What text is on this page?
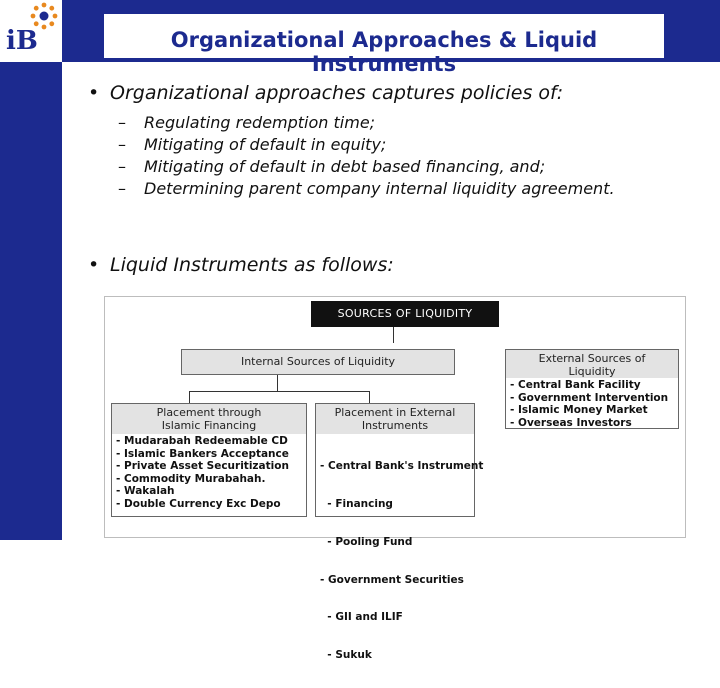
iB	Organizational Approaches & Liquid Instruments
• Organizational approaches captures policies of:
– Regulating redemption time;
– Mitigating of default in equity;
– Mitigating of default in debt based financing, and;
– Determining parent company internal liquidity agreement.
• Liquid Instruments as follows:
SOURCES OF LIQUIDITY
Internal Sources of Liquidity	External Sources of Liquidity
- Central Bank Facility
- Government Intervention
- Islamic Money Market
- Overseas Investors
Placement through Islamic Financing
- Mudarabah Redeemable CD
- Islamic Bankers Acceptance
- Private Asset Securitization
- Commodity Murabahah.
- Wakalah
- Double Currency Exc Depo
Placement in External Instruments

- Central Bank's Instrument

- Financing

- Pooling Fund

- Government Securities

- GII and ILIF

- Sukuk
